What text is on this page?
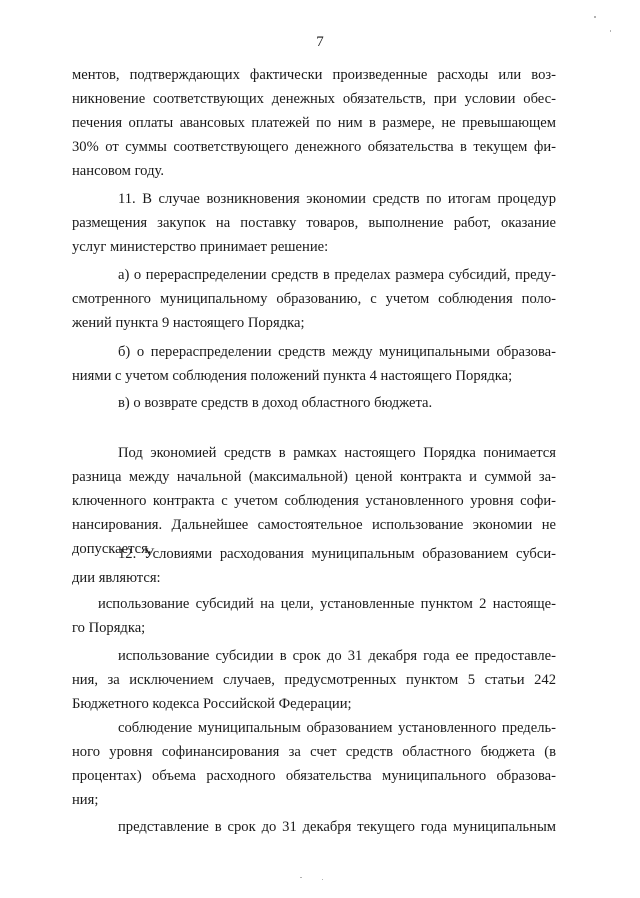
7

ментов, подтверждающих фактически произведенные расходы или воз-

никновение соответствующих денежных обязательств, при условии обес-

печения оплаты авансовых платежей по ним в размере, не превышающем

30% от суммы соответствующего денежного обязательства в текущем фи-

нансовом году.

11. В случае возникновения экономии средств по итогам процедур

размещения закупок на поставку товаров, выполнение работ, оказание

услуг министерство принимает решение:

а) о перераспределении средств в пределах размера субсидий, преду-

смотренного муниципальному образованию, с учетом соблюдения поло-

жений пункта 9 настоящего Порядка;

б) о перераспределении средств между муниципальными образова-

ниями с учетом соблюдения положений пункта 4 настоящего Порядка;

в) о возврате средств в доход областного бюджета.

Под экономией средств в рамках настоящего Порядка понимается

разница между начальной (максимальной) ценой контракта и суммой за-

ключенного контракта с учетом соблюдения установленного уровня софи-

нансирования. Дальнейшее самостоятельное использование экономии не

допускается.

12. Условиями расходования муниципальным образованием субси-

дии являются:

использование субсидий на цели, установленные пунктом 2 настояще-

го Порядка;

использование субсидии в срок до 31 декабря года ее предоставле-

ния, за исключением случаев, предусмотренных пунктом 5 статьи 242

Бюджетного кодекса Российской Федерации;

соблюдение муниципальным образованием установленного предель-

ного уровня софинансирования за счет средств областного бюджета (в

процентах) объема расходного обязательства муниципального образова-

ния;

представление в срок до 31 декабря текущего года муниципальным
